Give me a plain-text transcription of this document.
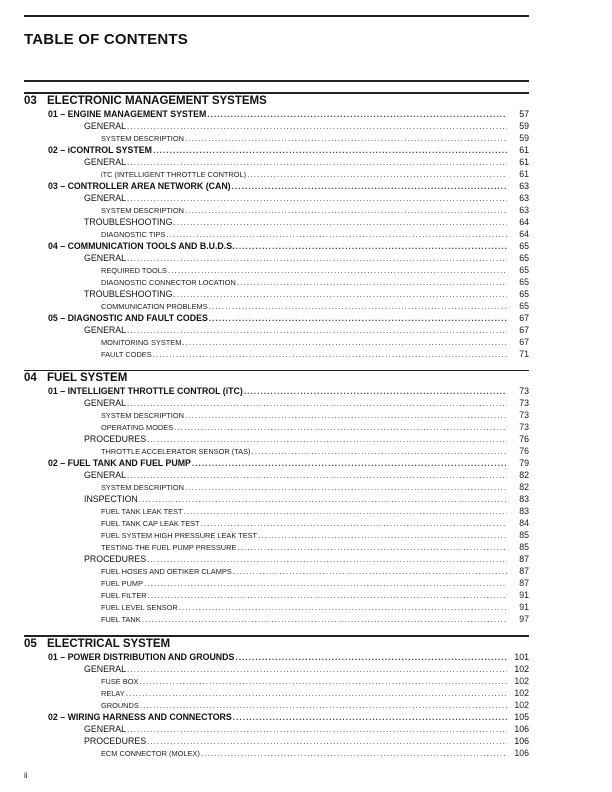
TABLE OF CONTENTS
03 ELECTRONIC MANAGEMENT SYSTEMS
01 – ENGINE MANAGEMENT SYSTEM .....	57
GENERAL .....	59
SYSTEM DESCRIPTION .....	59
02 – iCONTROL SYSTEM .....	61
GENERAL .....	61
iTC (INTELLIGENT THROTTLE CONTROL) .....	61
03 – CONTROLLER AREA NETWORK (CAN) .....	63
GENERAL .....	63
SYSTEM DESCRIPTION .....	63
TROUBLESHOOTING .....	64
DIAGNOSTIC TIPS .....	64
04 – COMMUNICATION TOOLS AND B.U.D.S. .....	65
GENERAL .....	65
REQUIRED TOOLS .....	65
DIAGNOSTIC CONNECTOR LOCATION .....	65
TROUBLESHOOTING .....	65
COMMUNICATION PROBLEMS .....	65
05 – DIAGNOSTIC AND FAULT CODES .....	67
GENERAL .....	67
MONITORING SYSTEM .....	67
FAULT CODES .....	71
04 FUEL SYSTEM
01 – INTELLIGENT THROTTLE CONTROL (iTC) .....	73
GENERAL .....	73
SYSTEM DESCRIPTION .....	73
OPERATING MODES .....	73
PROCEDURES .....	76
THROTTLE ACCELERATOR SENSOR (TAS) .....	76
02 – FUEL TANK AND FUEL PUMP .....	79
GENERAL .....	82
SYSTEM DESCRIPTION .....	82
INSPECTION .....	83
FUEL TANK LEAK TEST .....	83
FUEL TANK CAP LEAK TEST .....	84
FUEL SYSTEM HIGH PRESSURE LEAK TEST .....	85
TESTING THE FUEL PUMP PRESSURE .....	85
PROCEDURES .....	87
FUEL HOSES AND OETIKER CLAMPS .....	87
FUEL PUMP .....	87
FUEL FILTER .....	91
FUEL LEVEL SENSOR .....	91
FUEL TANK .....	97
05 ELECTRICAL SYSTEM
01 – POWER DISTRIBUTION AND GROUNDS .....	101
GENERAL .....	102
FUSE BOX .....	102
RELAY .....	102
GROUNDS .....	102
02 – WIRING HARNESS AND CONNECTORS .....	105
GENERAL .....	106
PROCEDURES .....	106
ECM CONNECTOR (MOLEX) .....	106
ii
